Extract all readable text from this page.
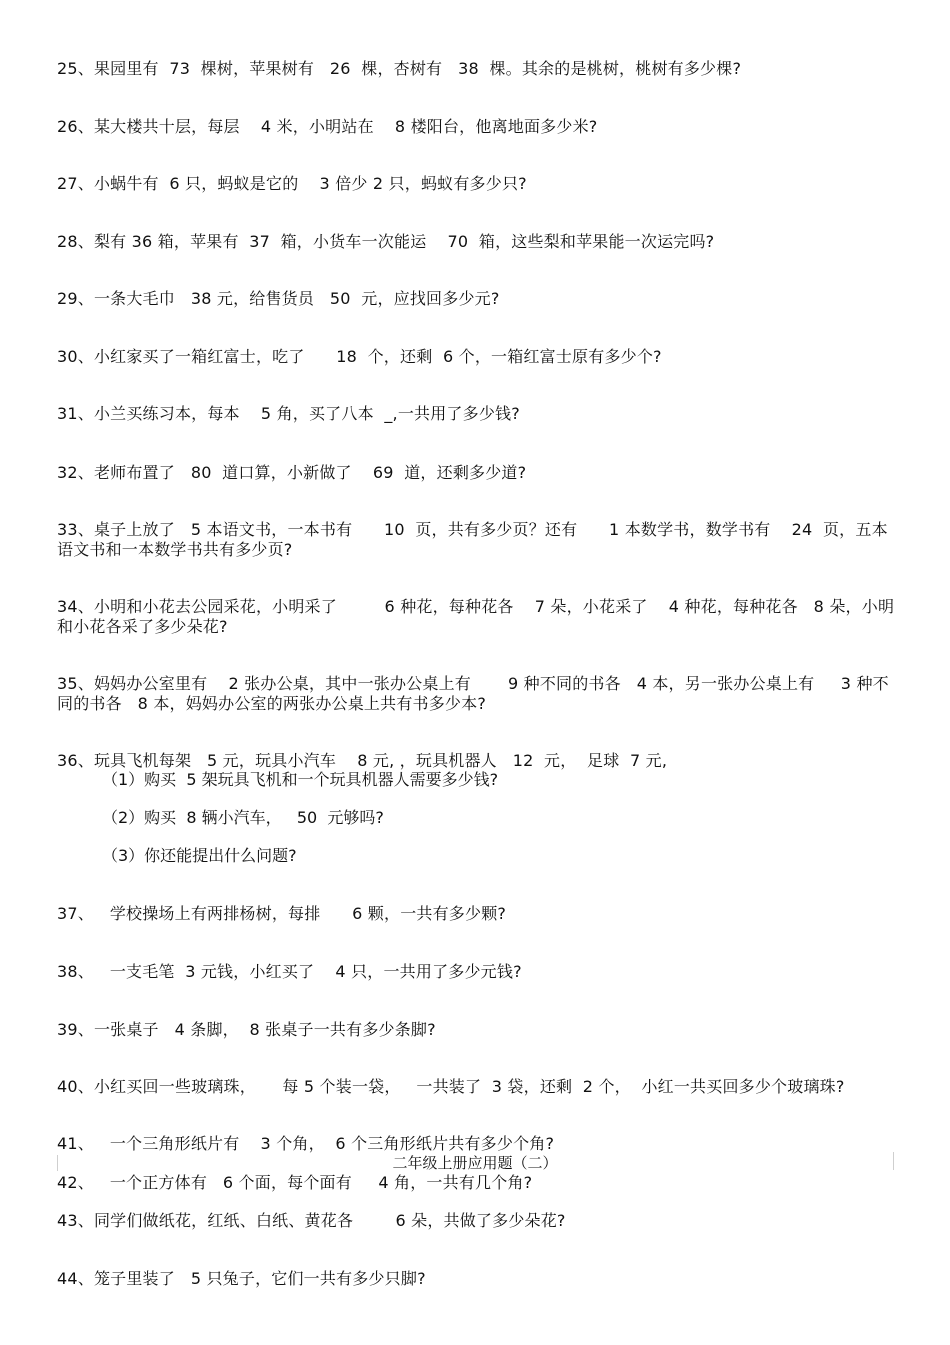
25、果园里有  73  棵树，苹果树有   26  棵，杏树有   38  棵。其余的是桃树，桃树有多少棵?
26、某大楼共十层，每层    4 米，小明站在    8 楼阳台，他离地面多少米?
27、小蜗牛有  6 只，蚂蚁是它的    3 倍少 2 只，蚂蚁有多少只?
28、梨有 36 箱，苹果有  37  箱，小货车一次能运    70  箱，这些梨和苹果能一次运完吗?
29、一条大毛巾   38 元，给售货员   50  元，应找回多少元?
30、小红家买了一箱红富士，吃了      18  个，还剩  6 个，一箱红富士原有多少个?
31、小兰买练习本，每本    5 角，买了八本  _,一共用了多少钱?
32、老师布置了   80  道口算，小新做了    69  道，还剩多少道?
33、桌子上放了   5 本语文书，一本书有      10  页，共有多少页？还有      1 本数学书，数学书有    24  页，五本语文书和一本数学书共有多少页?
34、小明和小花去公园采花，小明采了         6 种花，每种花各    7 朵，小花采了    4 种花，每种花各   8 朵，小明和小花各采了多少朵花?
35、妈妈办公室里有    2 张办公桌，其中一张办公桌上有       9 种不同的书各   4 本，另一张办公桌上有     3 种不同的书各   8 本，妈妈办公室的两张办公桌上共有书多少本?
36、玩具飞机每架   5 元，玩具小汽车    8 元, ，玩具机器人   12  元，  足球  7 元,
（1）购买  5 架玩具飞机和一个玩具机器人需要多少钱?
（2）购买  8 辆小汽车，   50  元够吗?
（3）你还能提出什么问题?
37、   学校操场上有两排杨树，每排      6 颗，一共有多少颗?
38、   一支毛笔  3 元钱，小红买了    4 只，一共用了多少元钱?
39、一张桌子   4 条脚，  8 张桌子一共有多少条脚?
40、小红买回一些玻璃珠，     每 5 个装一袋，   一共装了  3 袋，还剩  2 个，  小红一共买回多少个玻璃珠?
41、   一个三角形纸片有    3 个角，  6 个三角形纸片共有多少个角?
二年级上册应用题（二）
42、   一个正方体有   6 个面，每个面有     4 角，一共有几个角?
43、同学们做纸花，红纸、白纸、黄花各        6 朵，共做了多少朵花?
44、笼子里装了   5 只兔子，它们一共有多少只脚?
